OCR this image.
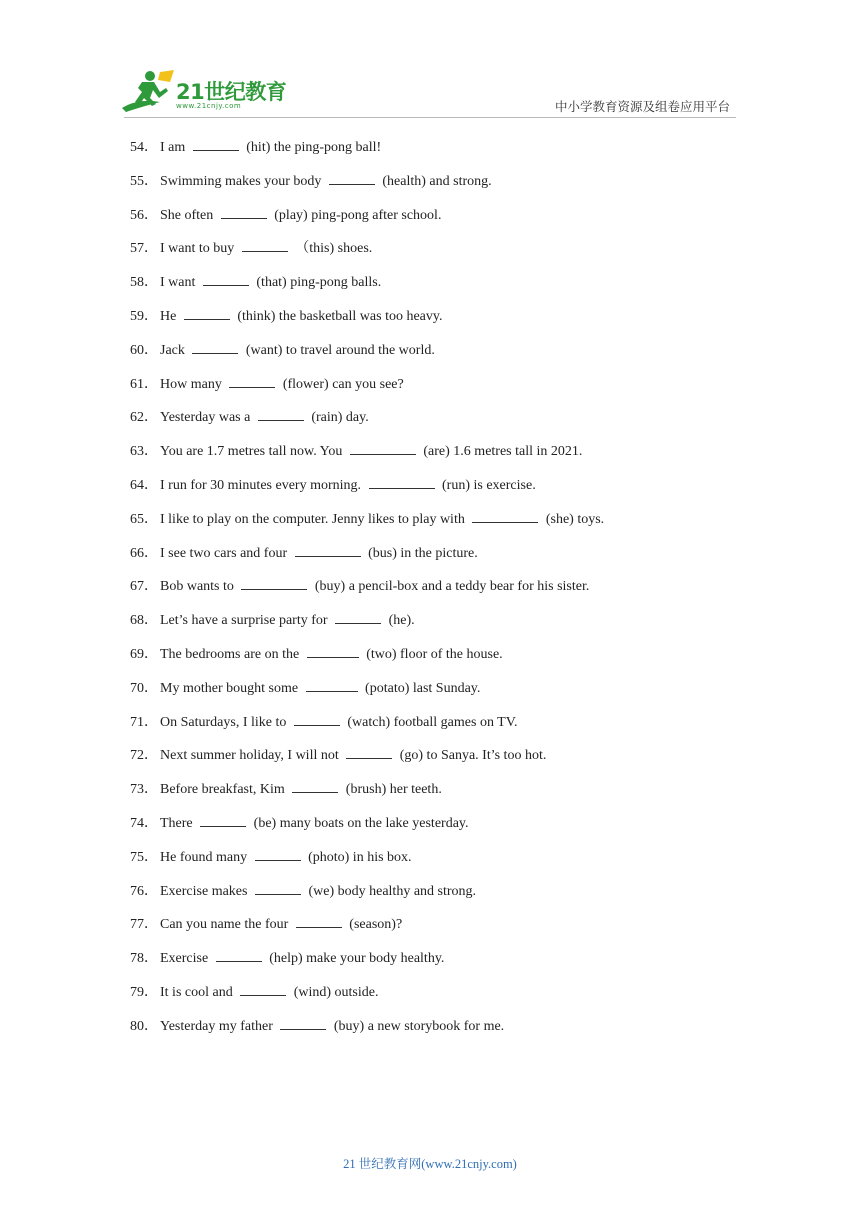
21世纪教育
www.21cnjy.com	中小学教育资源及组卷应用平台
54． I am	(hit) the ping-pong ball!
55． Swimming makes your body	(health) and strong.
56． She often	(play) ping-pong after school.
57． I want to buy	（this) shoes.
58． I want	(that) ping-pong balls.
59． He	(think) the basketball was too heavy.
60． Jack	(want) to travel around the world.
61． How many	(flower) can you see?
62． Yesterday was a	(rain) day.
63． You are 1.7 metres tall now. You	(are) 1.6 metres tall in 2021.
64． I run for 30 minutes every morning.	(run) is exercise.
65． I like to play on the computer. Jenny likes to play with	(she) toys.
66． I see two cars and four	(bus) in the picture.
67． Bob wants to	(buy) a pencil-box and a teddy bear for his sister.
68． Let’s have a surprise party for	(he).
69． The bedrooms are on the	(two) floor of the house.
70． My mother bought some	(potato) last Sunday.
71． On Saturdays, I like to	(watch) football games on TV.
72． Next summer holiday, I will not	(go) to Sanya. It’s too hot.
73． Before breakfast, Kim	(brush) her teeth.
74． There	(be) many boats on the lake yesterday.
75． He found many	(photo) in his box.
76． Exercise makes	(we) body healthy and strong.
77． Can you name the four	(season)?
78． Exercise	(help) make your body healthy.
79． It is cool and	(wind) outside.
80． Yesterday my father	(buy) a new storybook for me.
21 世纪教育网(www.21cnjy.com)
